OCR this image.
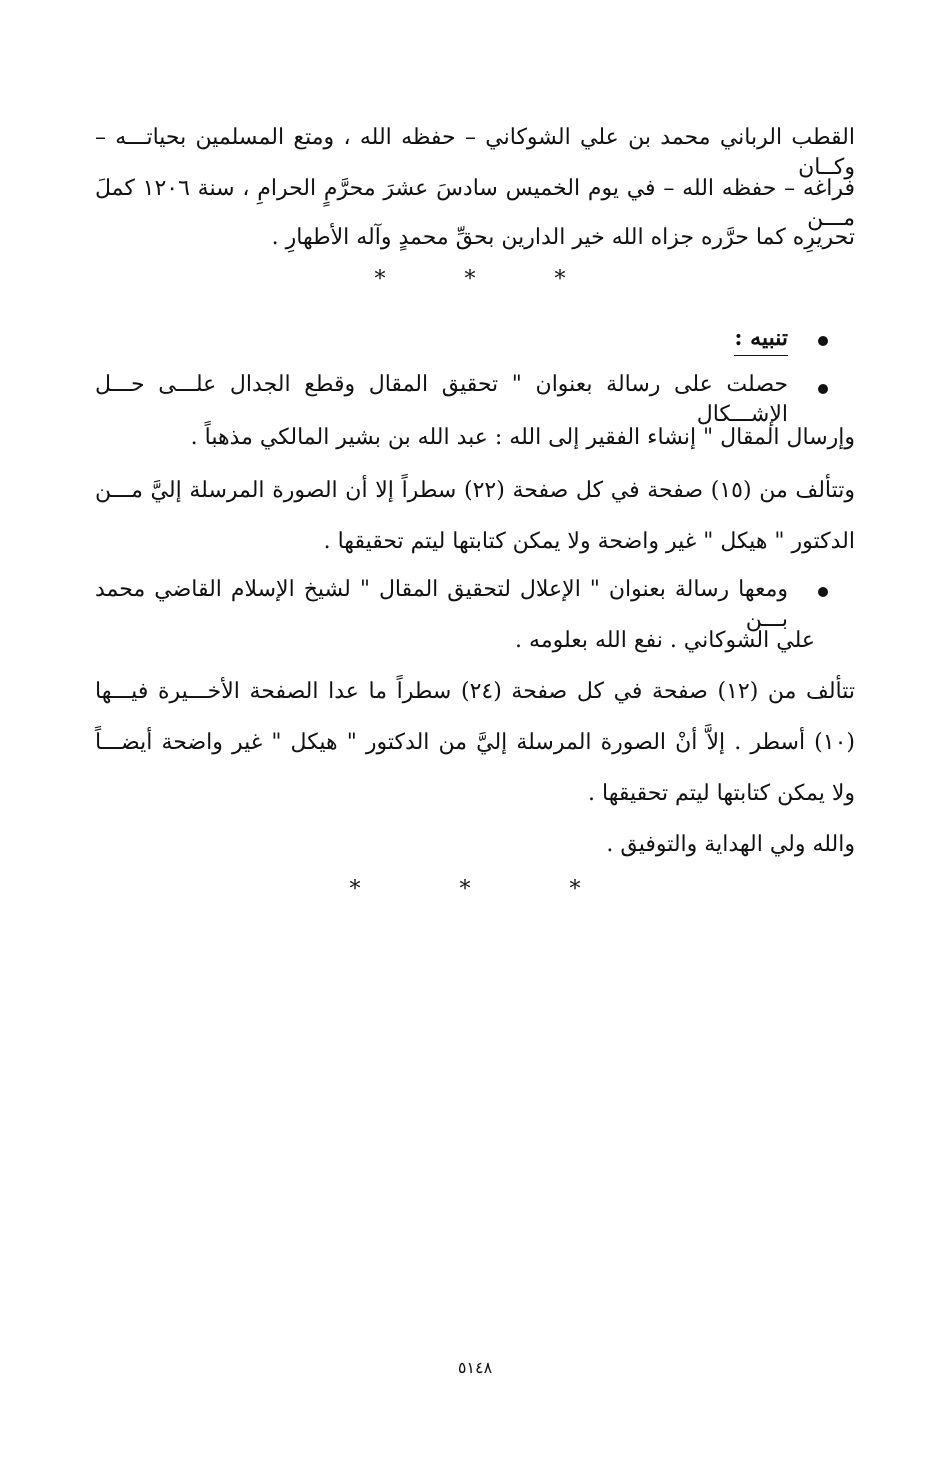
القطب الرباني محمد بن علي الشوكاني – حفظه الله ، ومتع المسلمين بحياتـــه – وكــان
فراغه – حفظه الله – في يوم الخميس سادسَ عشرَ محرَّمٍ الحرامِ ، سنة ١٢٠٦ كملَ مـــن
تحريرِه كما حرَّره جزاه الله خير الدارين بحقِّ محمدٍ وآله الأطهارِ .
*	*	*
تنبيه :
حصلت على رسالة بعنوان " تحقيق المقال وقطع الجدال علـــى حـــل الإشـــكال
وإرسال المقال " إنشاء الفقير إلى الله : عبد الله بن بشير المالكي مذهباً .
وتتألف من (١٥) صفحة في كل صفحة (٢٢) سطراً إلا أن الصورة المرسلة إليَّ مـــن
الدكتور " هيكل " غير واضحة ولا يمكن كتابتها ليتم تحقيقها .
ومعها رسالة بعنوان " الإعلال لتحقيق المقال " لشيخ الإسلام القاضي محمد بـــن
علي الشوكاني . نفع الله بعلومه .
تتألف من (١٢) صفحة في كل صفحة (٢٤) سطراً ما عدا الصفحة الأخـــيرة فيـــها
(١٠) أسطر . إلاَّ أنْ الصورة المرسلة إليَّ من الدكتور " هيكل " غير واضحة أيضـــاً
ولا يمكن كتابتها ليتم تحقيقها .
والله ولي الهداية والتوفيق .
*	*	*
٥١٤٨
